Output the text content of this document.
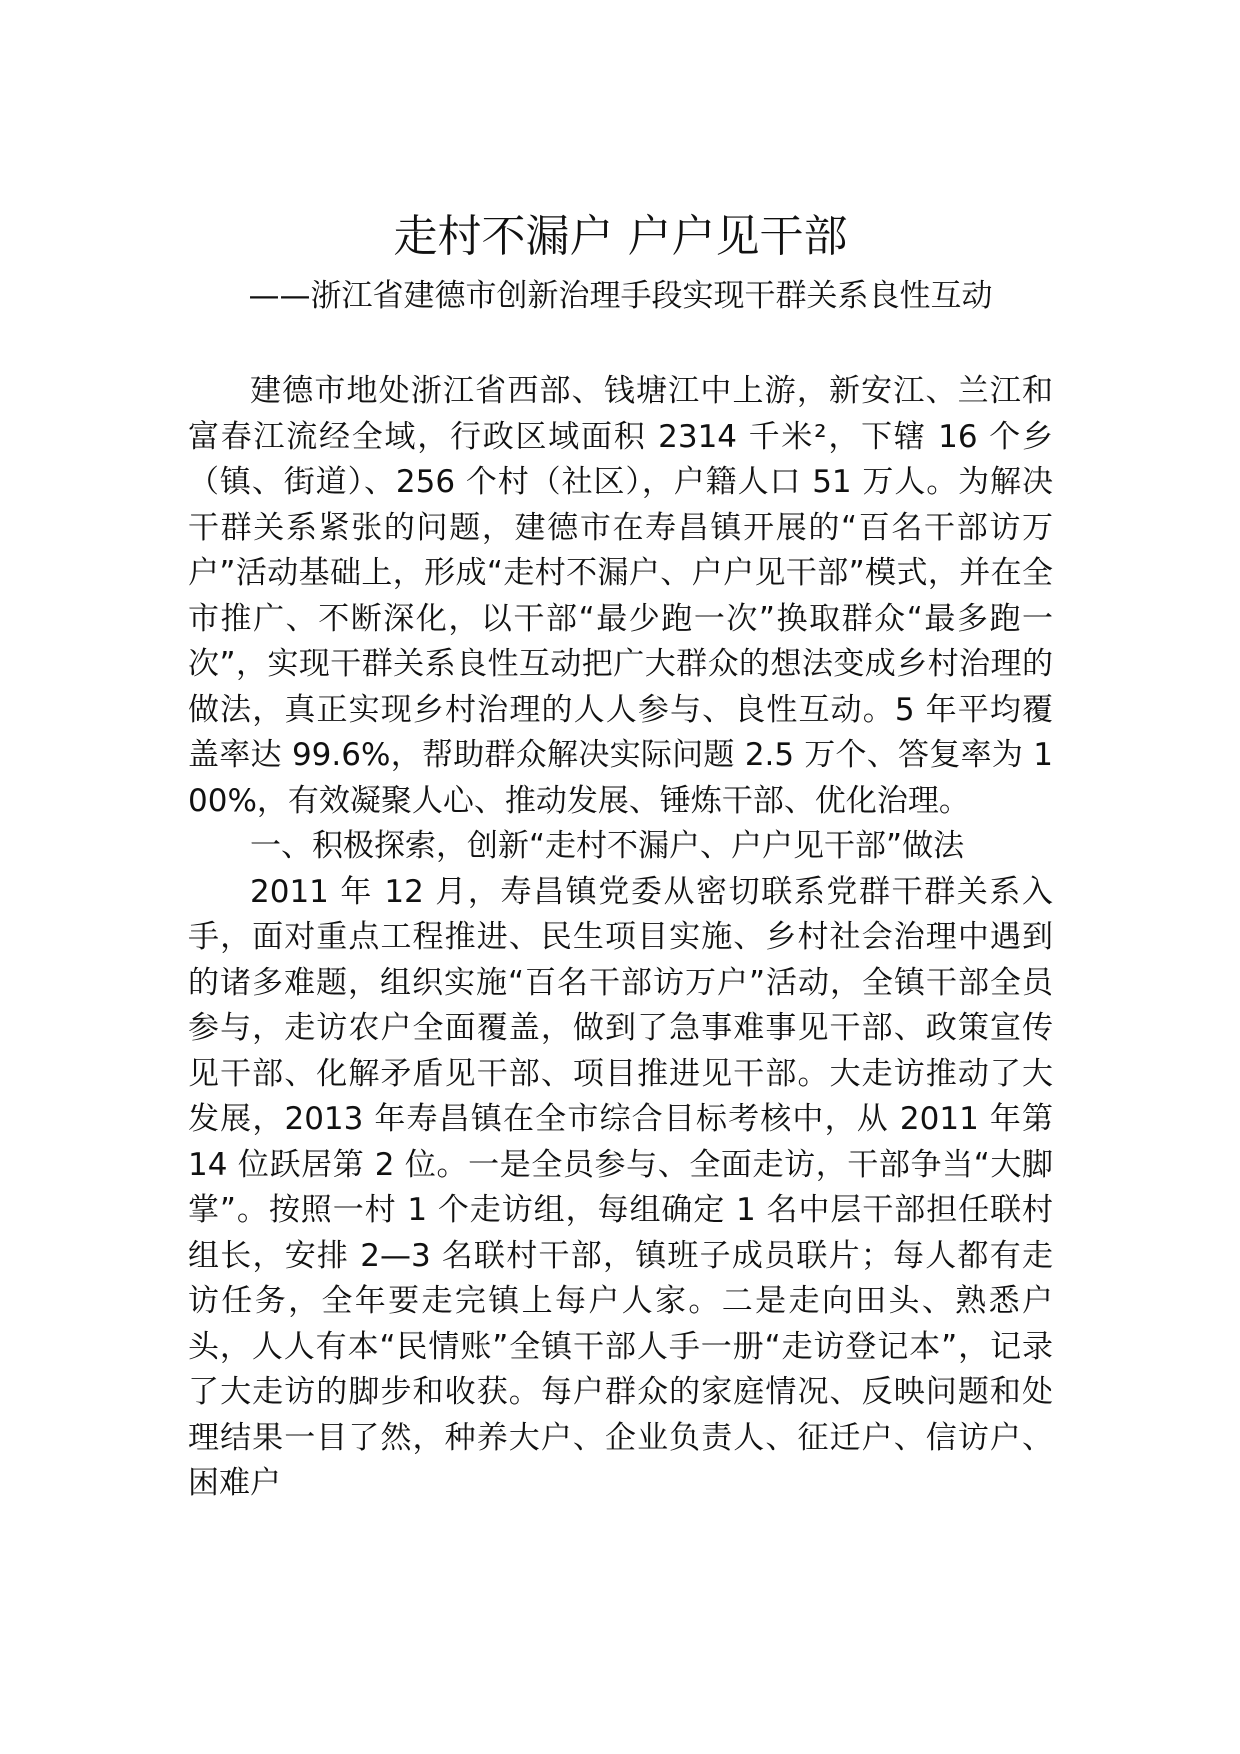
走村不漏户 户户见干部
——浙江省建德市创新治理手段实现干群关系良性互动

建德市地处浙江省西部、钱塘江中上游，新安江、兰江和富春江流经全域，行政区域面积 2314 千米²，下辖 16 个乡（镇、街道）、256 个村（社区），户籍人口 51 万人。为解决干群关系紧张的问题，建德市在寿昌镇开展的“百名干部访万户”活动基础上，形成“走村不漏户、户户见干部”模式，并在全市推广、不断深化，以干部“最少跑一次”换取群众“最多跑一次”，实现干群关系良性互动把广大群众的想法变成乡村治理的做法，真正实现乡村治理的人人参与、良性互动。5 年平均覆盖率达 99.6%，帮助群众解决实际问题 2.5 万个、答复率为 100%，有效凝聚人心、推动发展、锤炼干部、优化治理。

一、积极探索，创新“走村不漏户、户户见干部”做法

2011 年 12 月，寿昌镇党委从密切联系党群干群关系入手，面对重点工程推进、民生项目实施、乡村社会治理中遇到的诸多难题，组织实施“百名干部访万户”活动，全镇干部全员参与，走访农户全面覆盖，做到了急事难事见干部、政策宣传见干部、化解矛盾见干部、项目推进见干部。大走访推动了大发展，2013 年寿昌镇在全市综合目标考核中，从 2011 年第 14 位跃居第 2 位。一是全员参与、全面走访，干部争当“大脚掌”。按照一村 1 个走访组，每组确定 1 名中层干部担任联村组长，安排 2—3 名联村干部，镇班子成员联片；每人都有走访任务，全年要走完镇上每户人家。二是走向田头、熟悉户头，人人有本“民情账”全镇干部人手一册“走访登记本”，记录了大走访的脚步和收获。每户群众的家庭情况、反映问题和处理结果一目了然，种养大户、企业负责人、征迁户、信访户、困难户
